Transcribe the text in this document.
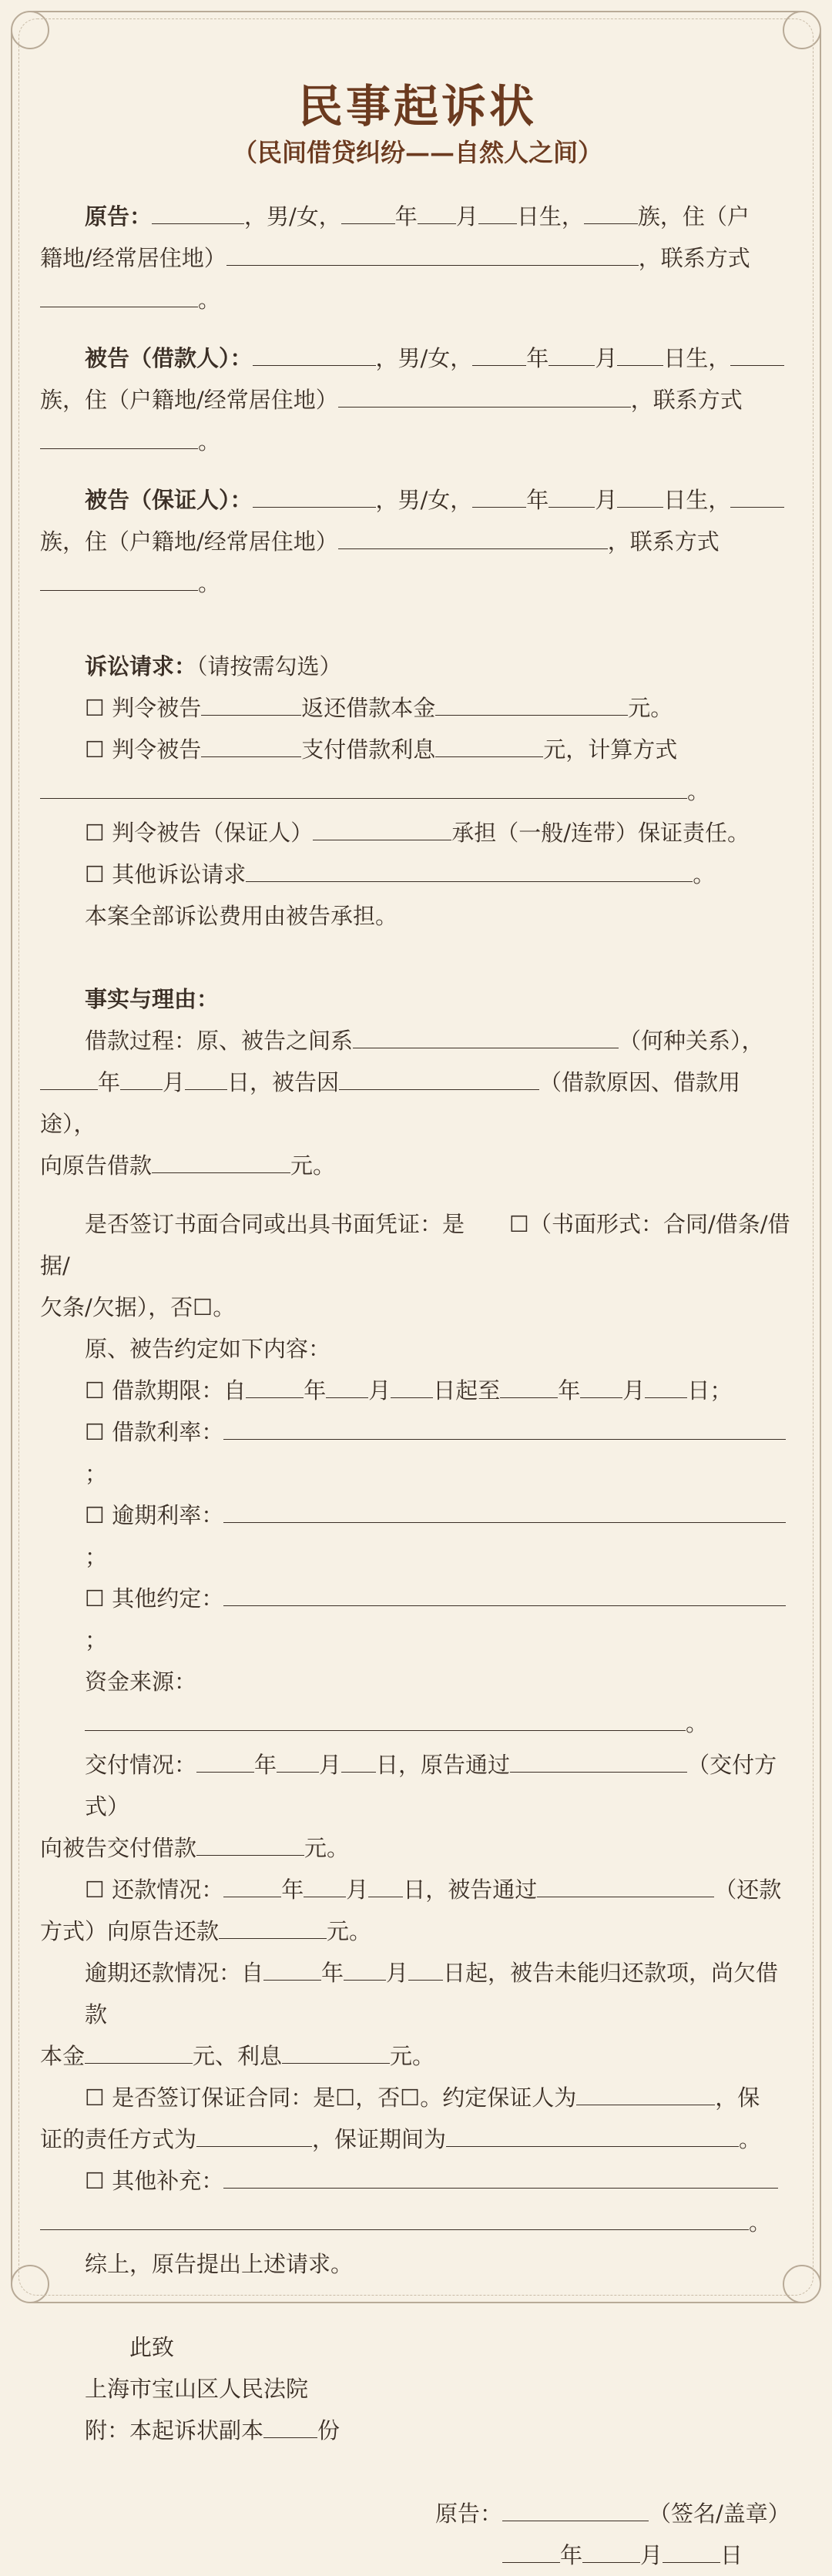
民事起诉状
（民间借贷纠纷——自然人之间）

原告：	，男/女， 年 月 日生， 族，住（户

籍地/经常居住地）	，联系方式

。

被告（借款人）：	，男/女， 年 月 日生，

族，住（户籍地/经常居住地）	，联系方式

。

被告（保证人）：	，男/女， 年 月 日生，

族，住（户籍地/经常居住地）	，联系方式

。

诉讼请求：（请按需勾选）

☐ 判令被告	返还借款本金	元。

☐ 判令被告	支付借款利息	元，计算方式

。

☐ 判令被告（保证人）	承担（一般/连带）保证责任。

☐ 其他诉讼请求	。

本案全部诉讼费用由被告承担。

事实与理由：

借款过程：原、被告之间系	（何种关系），

年 月 日，被告因	（借款原因、借款用途），

向原告借款	元。

是否签订书面合同或出具书面凭证：是 ☐（书面形式：合同/借条/借据/

欠条/欠据），否☐。

原、被告约定如下内容：

☐ 借款期限：自	年 月 日起至	年 月 日；

☐ 借款利率：；

☐ 逾期利率：；

☐ 其他约定：；

资金来源：。

交付情况：	年 月 日，原告通过	（交付方式）

向被告交付借款	元。

☐ 还款情况：	年 月 日，被告通过	（还款

方式）向原告还款	元。

逾期还款情况：自	年 月 日起，被告未能归还款项，尚欠借款

本金	元、利息	元。

☐ 是否签订保证合同：是☐，否☐。约定保证人为	，保

证的责任方式为	，保证期间为	。

☐ 其他补充：

。

综上，原告提出上述请求。

此致

上海市宝山区人民法院

附：本起诉状副本 份

原告：	（签名/盖章）

年	月	日
